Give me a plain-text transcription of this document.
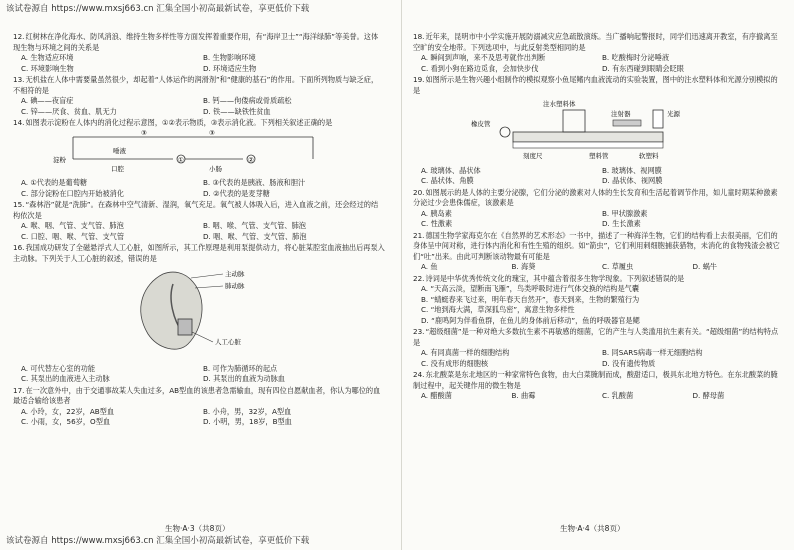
该试卷源自 https://www.mxsj663.cn 汇集全国小初高最新试卷，享更低价下载
12.红树林在净化海水、防风消浪、维持生物多样性等方面发挥着重要作用，有“海岸卫士”“海洋绿肺”等美誉。这体现生物与环境之间的关系是
A. 生物适应环境	B. 生物影响环境
C. 环境影响生物	D. 环境适应生物
13.无机盐在人体中需要量虽然很少，却起着“人体运作的润滑剂”和“健康的基石”的作用。下面所列物质与缺乏症，不相符的是
A. 碘——夜盲症	B. 钙——佝偻病或骨质疏松
C. 锌——厌食、贫血、肌无力	D. 铁——缺铁性贫血
14.如图表示淀粉在人体内的消化过程示意图，①②表示物质，③表示消化液。下列相关叙述正确的是
③	③
淀粉
唾液
口腔
①
小肠
②
A. ①代表的是葡萄糖	B. ③代表的是胰液、肠液和胆汁
C. 部分淀粉在口腔内开始被消化	D. ②代表的是麦芽糖
15.“森林浴”就是“洗肺”。在森林中空气清新、湿润，氧气充足。氧气被人体吸入后，进入血液之前，还会经过的结构依次是
A. 喉、咽、气管、支气管、肺泡	B. 咽、喉、气管、支气管、肺泡
C. 口腔、咽、喉、气管、支气管	D. 咽、喉、气管、支气管、肺泡
16.我国成功研发了全磁悬浮式人工心脏，如图所示，其工作原理是利用泵提供动力，将心脏某腔室血液抽出后再泵入主动脉。下列关于人工心脏的叙述，错误的是
主动脉
肺动脉
人工心脏
A. 可代替左心室的功能	B. 可作为肺循环的起点
C. 其泵出的血液进入主动脉	D. 其泵出的血液为动脉血
17.在一次意外中，由于交通事故某人失血过多，AB型血的该患者急需输血，现有四位自愿献血者，你认为哪位的血最适合输给该患者
A. 小玲，女，22岁，AB型血	B. 小舟，男，32岁，A型血
C. 小雨，女，56岁，O型血	D. 小明，男，18岁，B型血
18.近年来，昆明市中小学实施开展防溺减灾应急疏散演练。当广播响起警报时，同学们迅速离开教室，有序撤离至空旷的安全地带。下列选项中，与此反射类型相同的是
A. 瞬间到声响，来不及思考就作出判断	B. 吃酸梅时分泌唾液
C. 看到小狗在路边觅食，会加快步伐	D. 有东西碰到眼睛会眨眼
19.如图所示是生物兴趣小组制作的模拟观察小鱼尾鳍内血液流动的实验装置，图中的注水塑料体和光源分别模拟的是
注水塑料体
注射器	光源
橡皮管
塑料管
刻度尺	软塑料
A. 玻璃体、晶状体	B. 玻璃体、视网膜
C. 晶状体、角膜	D. 晶状体、视网膜
20.如图展示的是人体的主要分泌腺，它们分泌的激素对人体的生长发育和生活起着调节作用，如儿童时期某种激素分泌过少会患侏儒症，该激素是
A. 胰岛素	B. 甲状腺激素
C. 性激素	D. 生长激素
21.德国生物学家海克尔在《自然界的艺术形态》一书中，描述了一种海洋生物，它们的结构看上去很美丽，它们的身体呈中间对称，进行体内消化和有性生殖的组织。如“箭虫”，它们利用刺细胞捕获猎物，未消化的食物残渣会被它们“吐”出来。由此可判断该动物最有可能是
A. 鱼	B. 海葵	C. 草履虫	D. 蜗牛
22.诗词是中华优秀传统文化的瑰宝，其中蕴含着很多生物学现象。下列叙述错误的是
A. “天高云淡，望断南飞雁”，鸟类呼吸时进行气体交换的结构是气囊
B. “蜻蜓春来飞过来，明年春天自然开”，春天到来，生物的繁殖行为
C. “地到海大满，草深狐鸟密”，寓意生物多样性
D. “鹿鸣阿为伴看鱼群，在鱼儿的身体前后移动”，鱼的呼吸器官是鳃
23.“超级细菌”是一种对绝大多数抗生素不再敏感的细菌，它的产生与人类滥用抗生素有关。“超级细菌”的结构特点是
A. 有同真菌一样的细胞结构	B. 同SARS病毒一样无细胞结构
C. 没有成形的细胞核	D. 没有遗传物质
24.东北酸菜是东北地区的一种家常特色食物，由大白菜腌制而成，酸甜适口，极具东北地方特色。在东北酸菜的腌制过程中，起关键作用的微生物是
A. 醋酸菌	B. 曲霉	C. 乳酸菌	D. 酵母菌
生物·A·3（共8页）	生物·A·4（共8页）
该试卷源自 https://www.mxsj663.cn 汇集全国小初高最新试卷，享更低价下载
